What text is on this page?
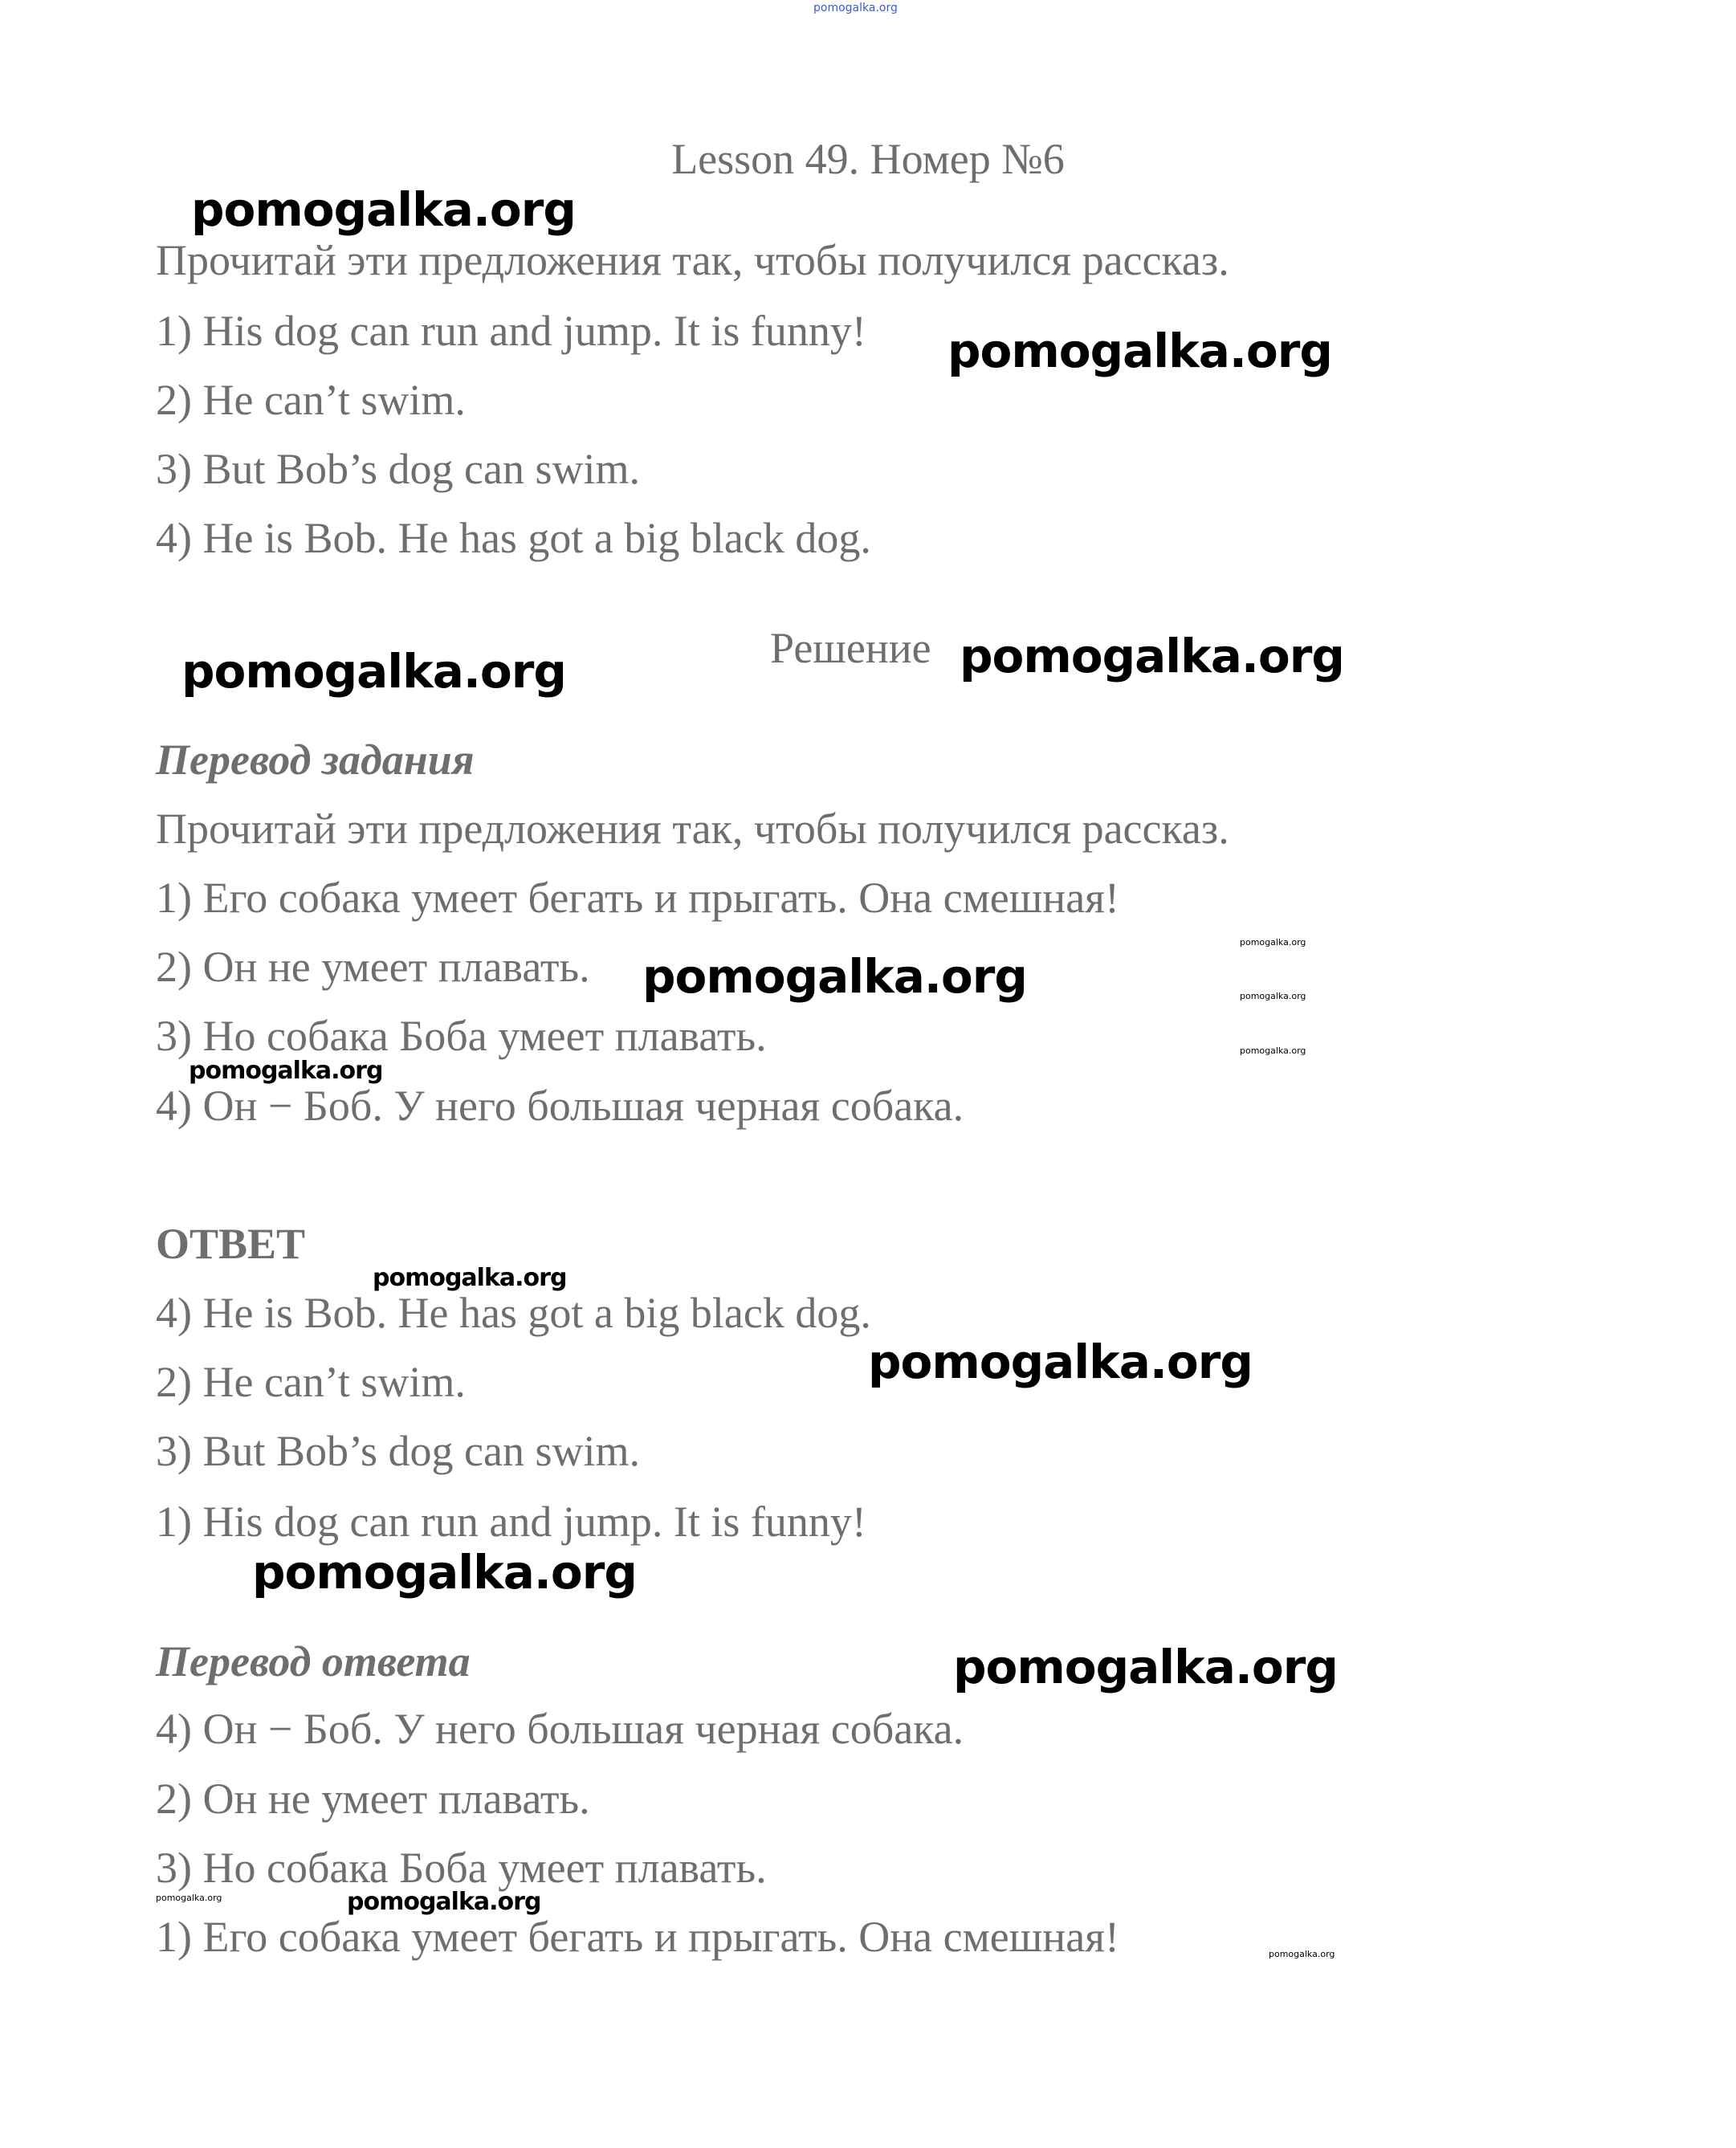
pomogalka.org
Lesson 49. Номер №6
Прочитай эти предложения так, чтобы получился рассказ.
1) His dog can run and jump. It is funny!
2) He can’t swim.
3) But Bob’s dog can swim.
4) He is Bob. He has got a big black dog.
Решение
Перевод задания
Прочитай эти предложения так, чтобы получился рассказ.
1) Его собака умеет бегать и прыгать. Она смешная!
2) Он не умеет плавать.
3) Но собака Боба умеет плавать.
4) Он − Боб. У него большая черная собака.
ОТВЕТ
4) He is Bob. He has got a big black dog.
2) He can’t swim.
3) But Bob’s dog can swim.
1) His dog can run and jump. It is funny!
Перевод ответа
4) Он − Боб. У него большая черная собака.
2) Он не умеет плавать.
3) Но собака Боба умеет плавать.
1) Его собака умеет бегать и прыгать. Она смешная!
pomogalka.org
pomogalka.org
pomogalka.org	pomogalka.org
pomogalka.org
pomogalka.org
pomogalka.org
pomogalka.org
pomogalka.org
pomogalka.org
pomogalka.org
pomogalka.org
pomogalka.org
pomogalka.org
pomogalka.org
pomogalka.org
